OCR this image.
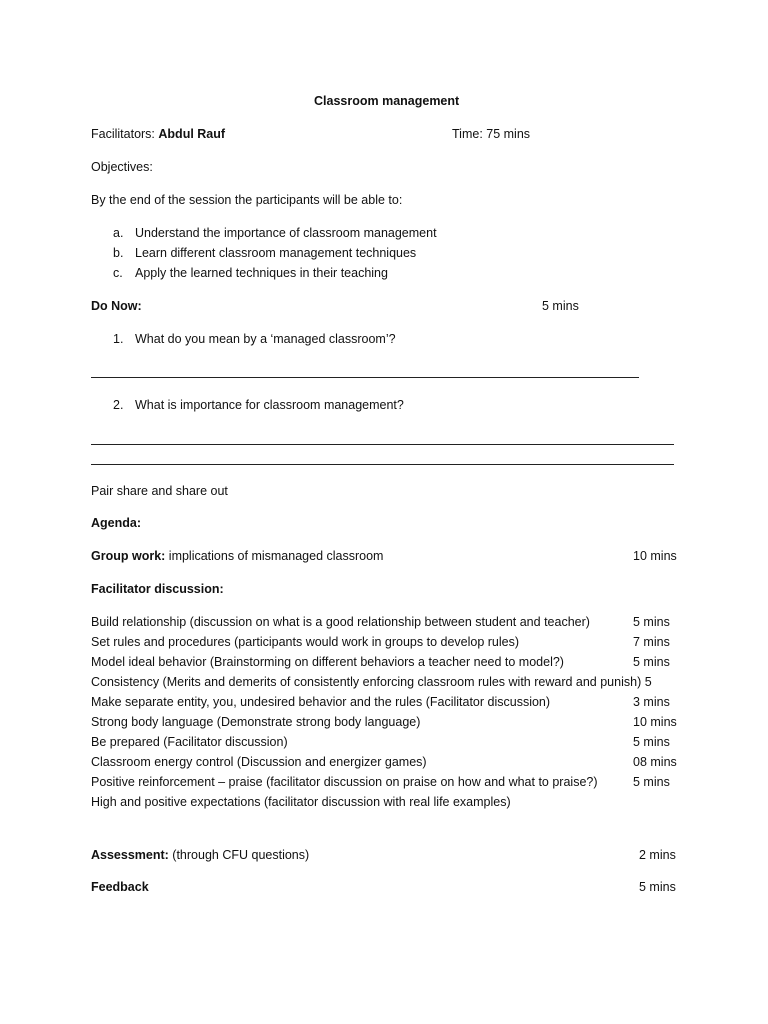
Classroom management
Facilitators: Abdul Rauf	Time: 75 mins
Objectives:
By the end of the session the participants will be able to:
a. Understand the importance of classroom management
b. Learn different classroom management techniques
c. Apply the learned techniques in their teaching
Do Now:	5 mins
1. What do you mean by a ‘managed classroom’?
2. What is importance for classroom management?
Pair share and share out
Agenda:
Group work: implications of mismanaged classroom	10 mins
Facilitator discussion:
Build relationship (discussion on what is a good relationship between student and teacher)	5 mins
Set rules and procedures (participants would work in groups to develop rules)	7 mins
Model ideal behavior (Brainstorming on different behaviors a teacher need to model?)	5 mins
Consistency (Merits and demerits of consistently enforcing classroom rules with reward and punish) 5
Make separate entity, you, undesired behavior and the rules (Facilitator discussion)	3 mins
Strong body language (Demonstrate strong body language)	10 mins
Be prepared (Facilitator discussion)	5 mins
Classroom energy control (Discussion and energizer games)	08 mins
Positive reinforcement – praise (facilitator discussion on praise on how and what to praise?)	5 mins
High and positive expectations (facilitator discussion with real life examples)
Assessment: (through CFU questions)	2 mins
Feedback	5 mins
